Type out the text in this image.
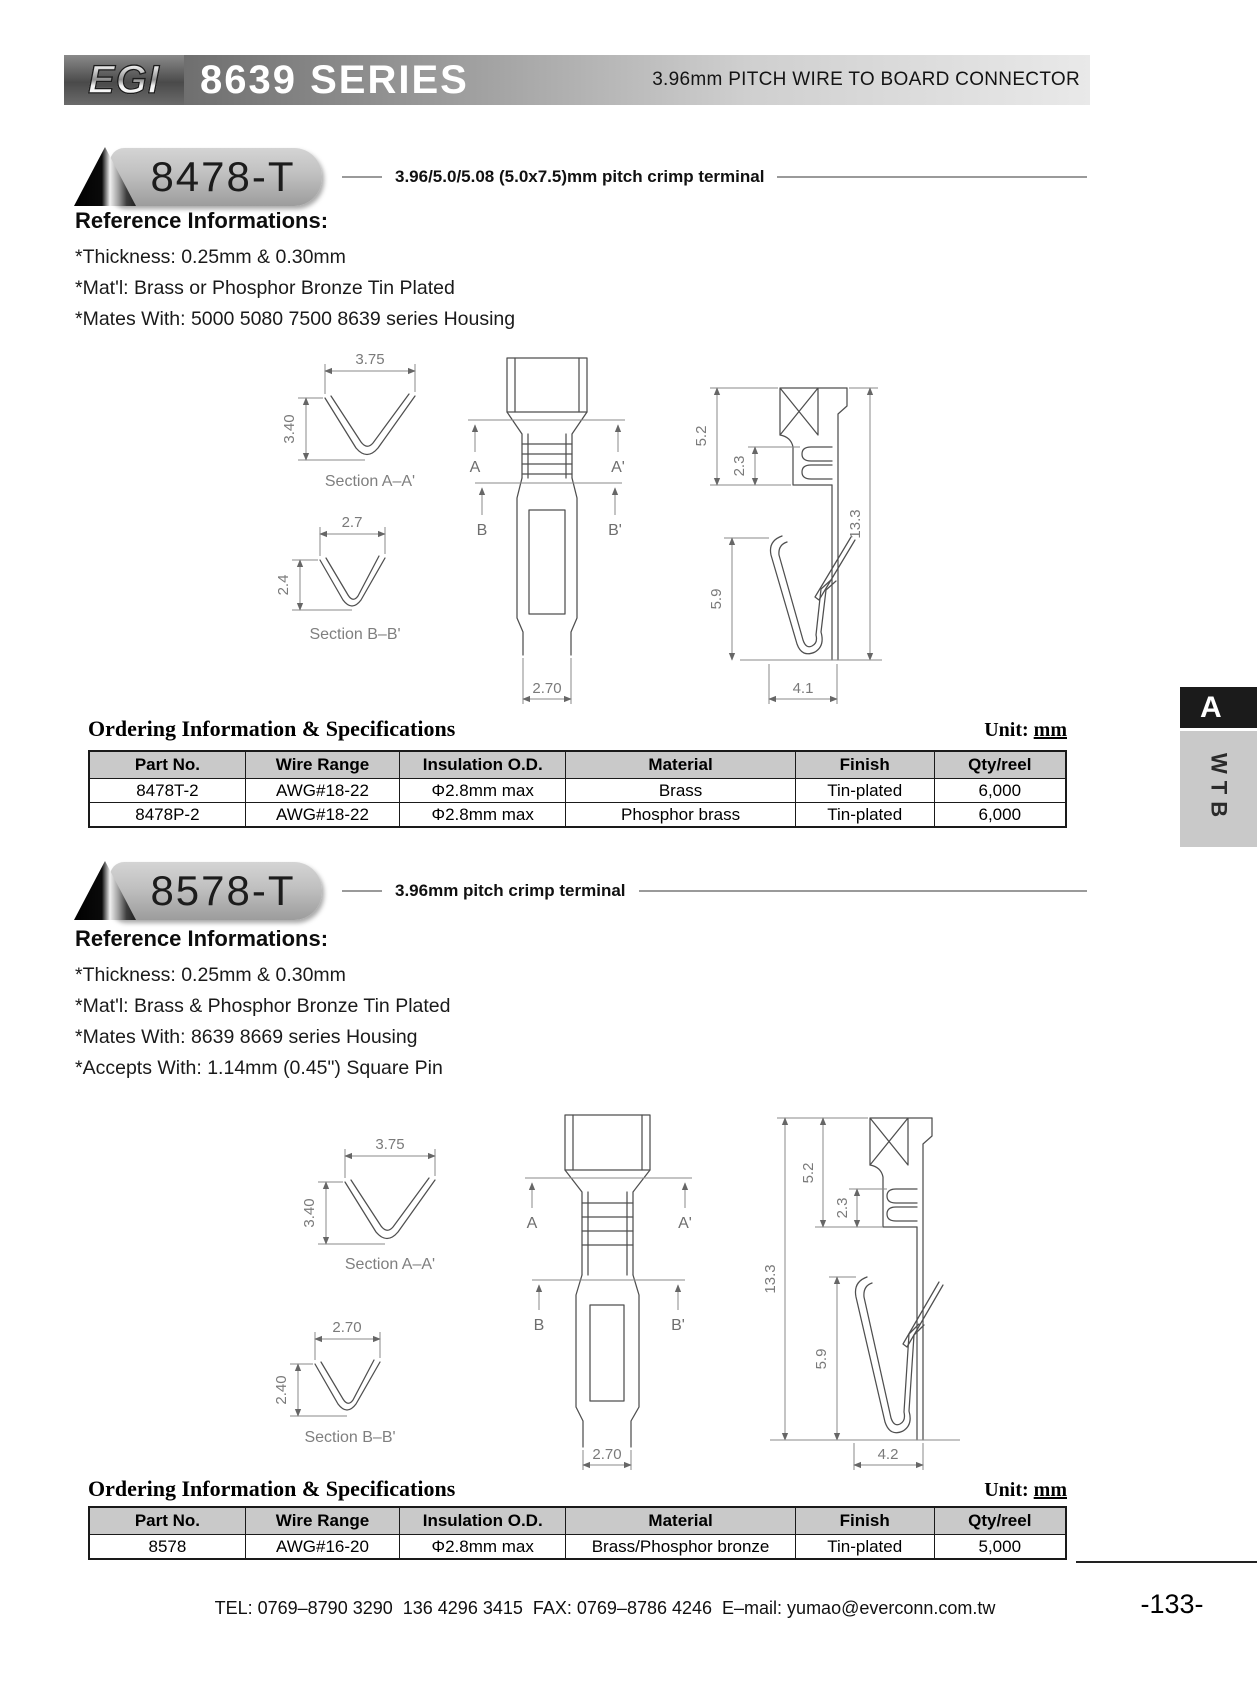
EGI	8639 SERIES	3.96mm PITCH WIRE TO BOARD CONNECTOR
8478-T	3.96/5.0/5.08 (5.0x7.5)mm pitch crimp terminal
Reference Informations:
*Thickness: 0.25mm & 0.30mm
*Mat'l: Brass or Phosphor Bronze Tin Plated
*Mates With: 5000 5080 7500 8639 series Housing
3.75
3.40
Section A–A'
2.7
2.4
Section B–B'
A	A'
B	B'
2.70
5.2
2.3
5.9
13.3
4.1
Ordering Information & Specifications	Unit: mm
Part No.	Wire Range	Insulation O.D.	Material	Finish	Qty/reel
8478T-2	AWG#18-22	Φ2.8mm max	Brass	Tin-plated	6,000
8478P-2	AWG#18-22	Φ2.8mm max	Phosphor brass	Tin-plated	6,000
8578-T	3.96mm pitch crimp terminal
Reference Informations:
*Thickness: 0.25mm & 0.30mm
*Mat'l: Brass & Phosphor Bronze Tin Plated
*Mates With: 8639 8669 series Housing
*Accepts With: 1.14mm (0.45") Square Pin
3.75
3.40
Section A–A'
2.70
2.40
Section B–B'
A	A'
B	B'
2.70
13.3
5.2
2.3
5.9
4.2
Ordering Information & Specifications	Unit: mm
Part No.	Wire Range	Insulation O.D.	Material	Finish	Qty/reel
8578	AWG#16-20	Φ2.8mm max	Brass/Phosphor bronze	Tin-plated	5,000
A
WTB
TEL: 0769–8790 3290  136 4296 3415  FAX: 0769–8786 4246  E–mail: yumao@everconn.com.tw	-133-
